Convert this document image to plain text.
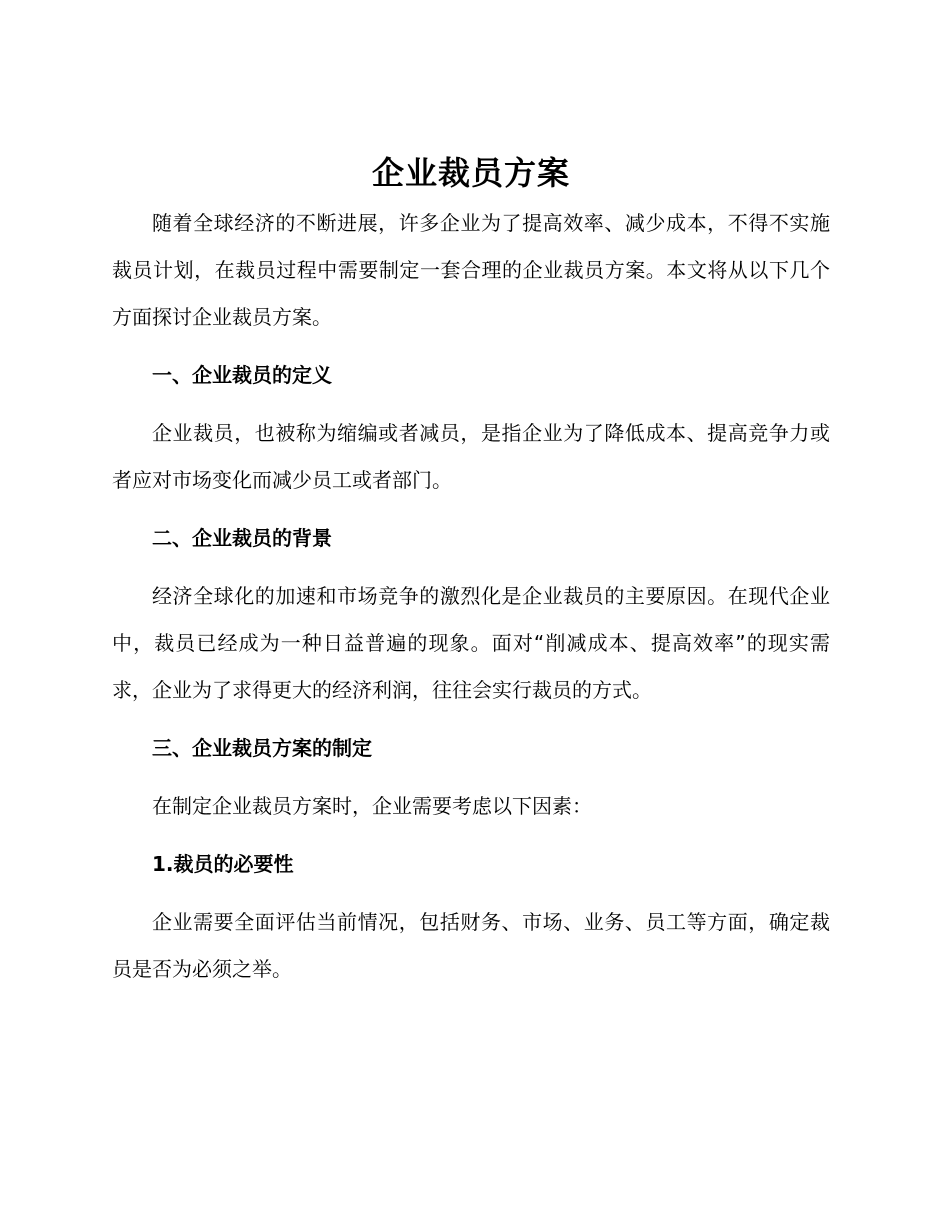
企业裁员方案

随着全球经济的不断进展，许多企业为了提高效率、减少成本，不得不实施裁员计划，在裁员过程中需要制定一套合理的企业裁员方案。本文将从以下几个方面探讨企业裁员方案。

一、企业裁员的定义

企业裁员，也被称为缩编或者减员，是指企业为了降低成本、提高竞争力或者应对市场变化而减少员工或者部门。

二、企业裁员的背景

经济全球化的加速和市场竞争的激烈化是企业裁员的主要原因。在现代企业中，裁员已经成为一种日益普遍的现象。面对“削减成本、提高效率”的现实需求，企业为了求得更大的经济利润，往往会实行裁员的方式。

三、企业裁员方案的制定

在制定企业裁员方案时，企业需要考虑以下因素：

1.裁员的必要性

企业需要全面评估当前情况，包括财务、市场、业务、员工等方面，确定裁员是否为必须之举。
